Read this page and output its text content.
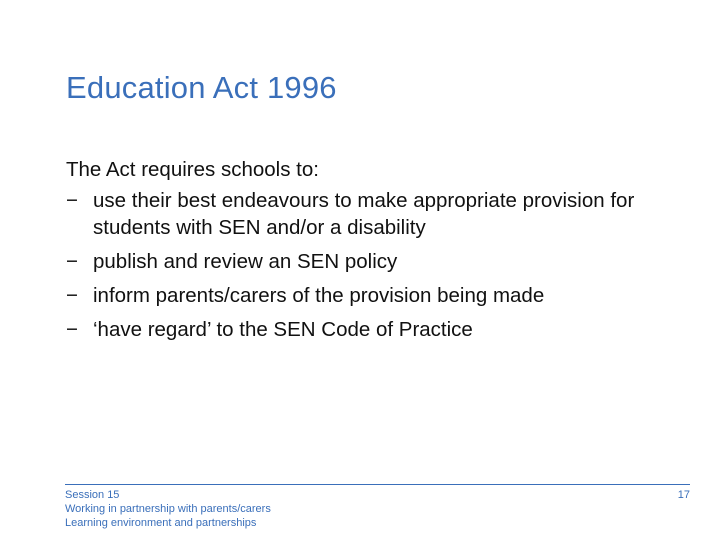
Education Act 1996

The Act requires schools to:

− use their best endeavours to make appropriate provision for students with SEN and/or a disability
− publish and review an SEN policy
− inform parents/carers of the provision being made
− ‘have regard’ to the SEN Code of Practice
Session 15
Working in partnership with parents/carers
Learning environment and partnerships
17
